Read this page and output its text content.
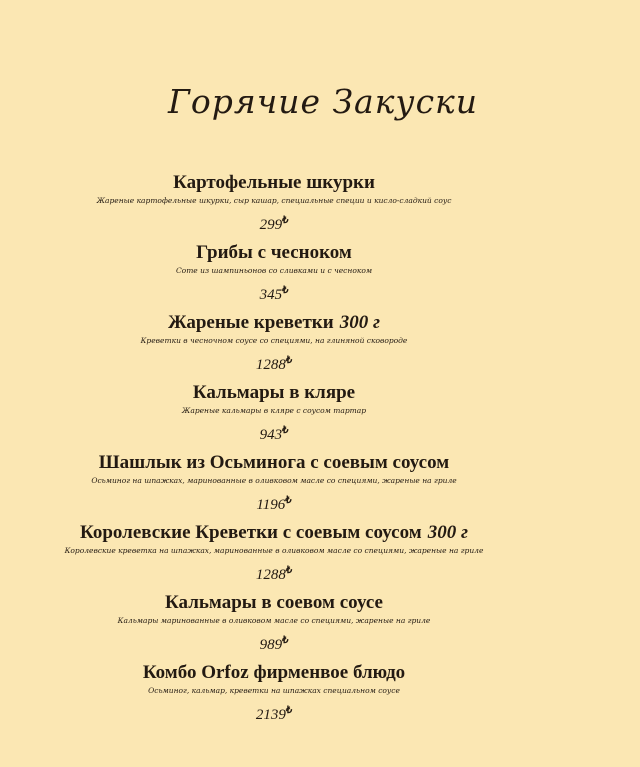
Горячие Закуски
Картофельные шкурки
Жареные картофельные шкурки, сыр кашар, специальные специи и кисло-сладкий соус
299₺
Грибы с чесноком
Соте из шампиньонов со сливками и с чесноком
345₺
Жареные креветки 300 г
Креветки в чесночном соусе со специями, на глиняной сковороде
1288₺
Кальмары в кляре
Жареные кальмары в кляре с соусом тартар
943₺
Шашлык из Осьминога с соевым соусом
Осьминог на шпажках, маринованные в оливковом масле со специями, жареные на гриле
1196₺
Королевские Креветки с соевым соусом 300 г
Королевские креветка на шпажках, маринованные в оливковом масле со специями, жареные на гриле
1288₺
Кальмары в соевом соусе
Кальмары маринованные в оливковом масле со специями, жареные на гриле
989₺
Комбо Orfoz фирменвое блюдо
Осьминог, кальмар, креветки на шпажках специальном соусе
2139₺
